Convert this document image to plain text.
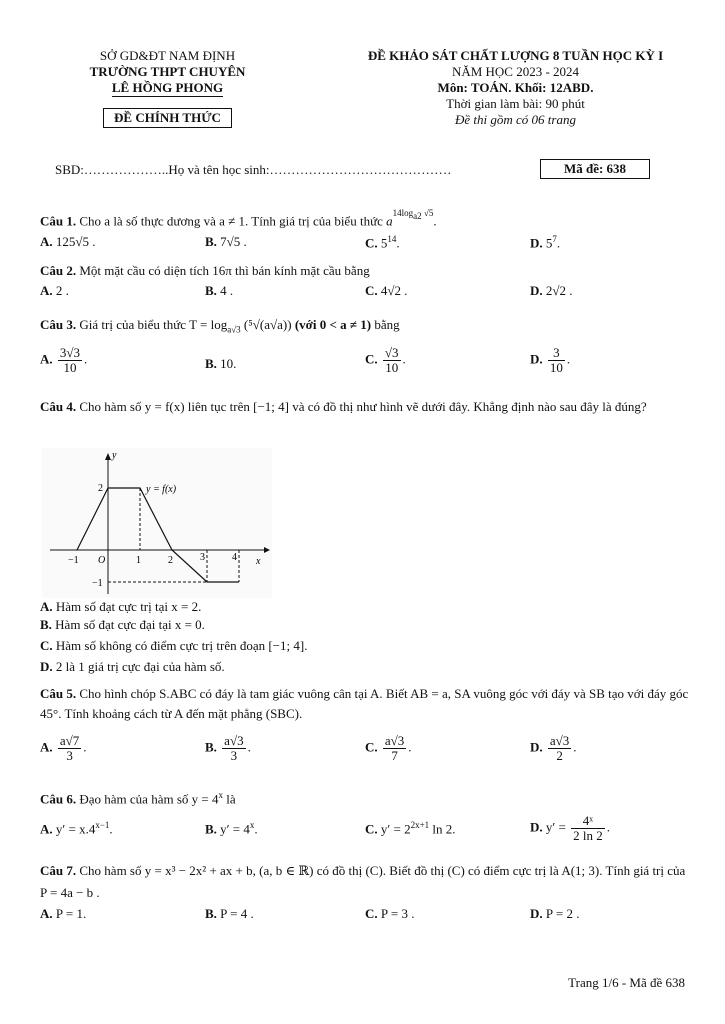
SỞ GD&ĐT NAM ĐỊNH
TRƯỜNG THPT CHUYÊN
LÊ HỒNG PHONG
ĐỀ CHÍNH THỨC
ĐỀ KHẢO SÁT CHẤT LƯỢNG 8 TUẦN HỌC KỲ I
NĂM HỌC 2023 - 2024
Môn: TOÁN. Khối: 12ABD.
Thời gian làm bài: 90 phút
Đề thi gồm có 06 trang
SBD:………………..Họ và tên học sinh:……………………………………	Mã đề: 638
Câu 1. Cho a là số thực dương và a ≠ 1. Tính giá trị của biểu thức $a^{14log_{a2} √5}$.
A. 125√5 .	B. 7√5 .	C. $5^{14}$.	D. $5^7$.
Câu 2. Một mặt cầu có diện tích 16π thì bán kính mặt cầu bằng
A. 2 .	B. 4 .	C. 4√2 .	D. 2√2 .
Câu 3. Giá trị của biểu thức $T = \log_{a√3} (^5√(a√a))$ (với 0 < a ≠ 1) bằng
A. $\frac{3√3}{10}$ .	B. 10.	C. $\frac{√3}{10}$ .	D. $\frac{3}{10}$ .
Câu 4. Cho hàm số y = f(x) liên tục trên [−1; 4] và có đồ thị như hình vẽ dưới đây. Khẳng định nào sau đây là đúng?
y
x
y = f(x)
2
−1
−1 O	1	2	3	4
A. Hàm số đạt cực trị tại x = 2.
B. Hàm số đạt cực đại tại x = 0.
C. Hàm số không có điểm cực trị trên đoạn [−1; 4].
D. 2 là 1 giá trị cực đại của hàm số.
Câu 5. Cho hình chóp S.ABC có đáy là tam giác vuông cân tại A. Biết AB = a, SA vuông góc với đáy và SB tạo với đáy góc 45°. Tính khoảng cách từ A đến mặt phẳng (SBC).
A. $\frac{a√7}{3}$ .	B. $\frac{a√3}{3}$ .	C. $\frac{a√3}{7}$ .	D. $\frac{a√3}{2}$ .
Câu 6. Đạo hàm của hàm số $y = 4^x$ là
A. $y' = x.4^{x-1}$.	B. $y' = 4^x$.	C. $y' = 2^{2x+1}$ ln 2.	D. $y' = \frac{\text{4ˣ}}{2 \ln 2}$ .
Câu 7. Cho hàm số y = x³ − 2x² + ax + b, (a, b ∈ ℝ) có đồ thị (C). Biết đồ thị (C) có điểm cực trị là A(1; 3). Tính giá trị của P = 4a − b .
A. P = 1.	B. P = 4 .	C. P = 3 .	D. P = 2 .
Trang 1/6 - Mã đề 638
